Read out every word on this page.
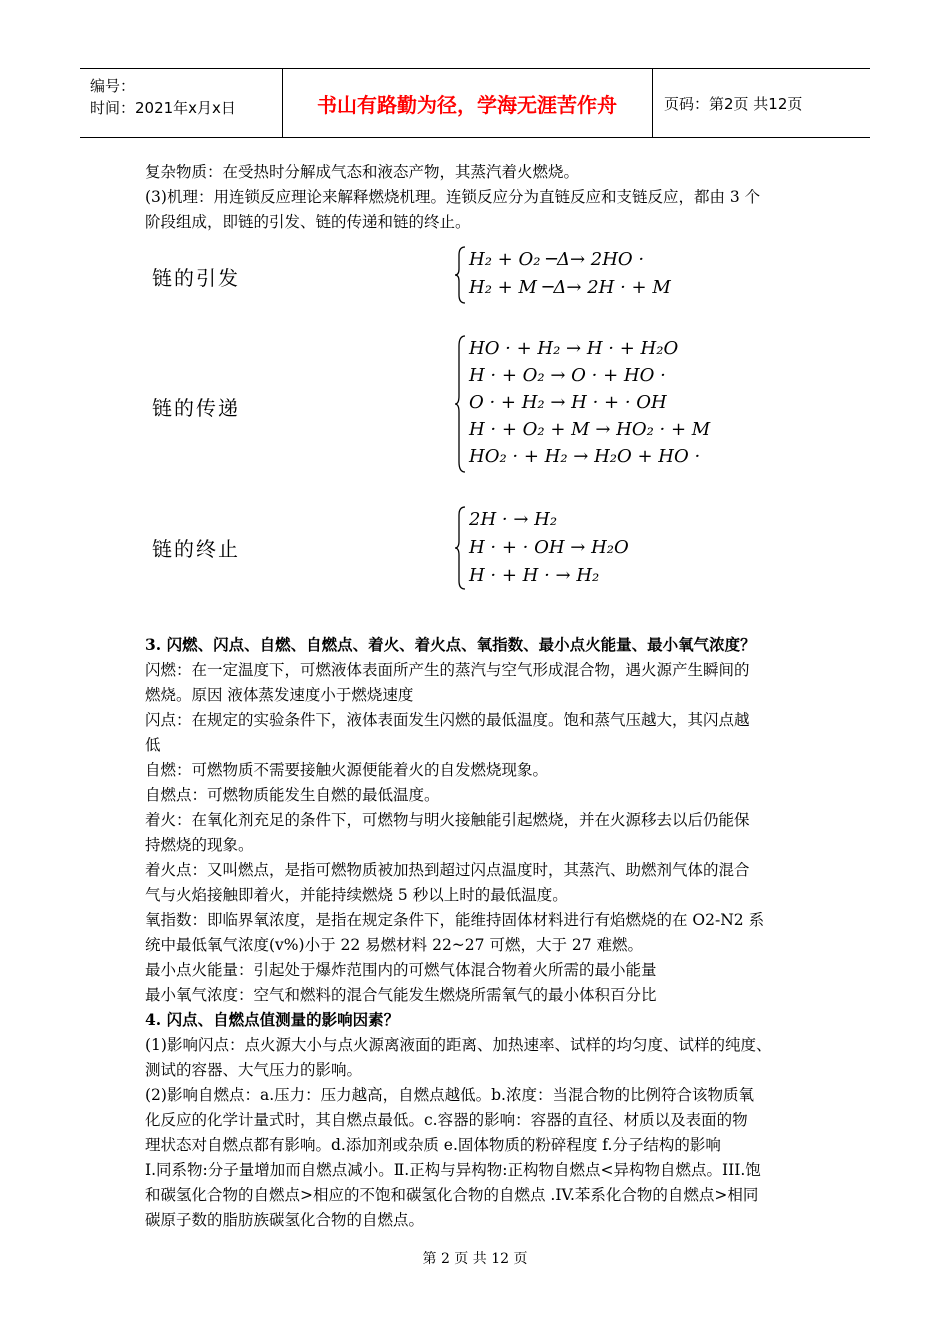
编号：
时间：2021年x月x日	书山有路勤为径，学海无涯苦作舟	页码：第2页 共12页
复杂物质：在受热时分解成气态和液态产物，其蒸汽着火燃烧。
(3)机理：用连锁反应理论来解释燃烧机理。连锁反应分为直链反应和支链反应，都由 3 个
阶段组成，即链的引发、链的传递和链的终止。
链的引发
H₂ + O₂ ─Δ→ 2HO ·
H₂ + M ─Δ→ 2H · + M
链的传递
HO · + H₂ → H · + H₂O
H · + O₂ → O · + HO ·
O · + H₂ → H · + · OH
H · + O₂ + M → HO₂ · + M
HO₂ · + H₂ → H₂O + HO ·
链的终止
2H · → H₂
H · + · OH → H₂O
H · + H · → H₂
3. 闪燃、闪点、自燃、自燃点、着火、着火点、氧指数、最小点火能量、最小氧气浓度？
闪燃：在一定温度下，可燃液体表面所产生的蒸汽与空气形成混合物，遇火源产生瞬间的
燃烧。原因 液体蒸发速度小于燃烧速度
闪点：在规定的实验条件下，液体表面发生闪燃的最低温度。饱和蒸气压越大，其闪点越
低
自燃：可燃物质不需要接触火源便能着火的自发燃烧现象。
自燃点：可燃物质能发生自燃的最低温度。
着火：在氧化剂充足的条件下，可燃物与明火接触能引起燃烧，并在火源移去以后仍能保
持燃烧的现象。
着火点：又叫燃点，是指可燃物质被加热到超过闪点温度时，其蒸汽、助燃剂气体的混合
气与火焰接触即着火，并能持续燃烧 5 秒以上时的最低温度。
氧指数：即临界氧浓度，是指在规定条件下，能维持固体材料进行有焰燃烧的在 O2-N2 系
统中最低氧气浓度(v%)小于 22 易燃材料 22~27 可燃，大于 27 难燃。
最小点火能量：引起处于爆炸范围内的可燃气体混合物着火所需的最小能量
最小氧气浓度：空气和燃料的混合气能发生燃烧所需氧气的最小体积百分比
4. 闪点、自燃点值测量的影响因素？
(1)影响闪点：点火源大小与点火源离液面的距离、加热速率、试样的均匀度、试样的纯度、
测试的容器、大气压力的影响。
(2)影响自燃点：a.压力：压力越高，自燃点越低。b.浓度：当混合物的比例符合该物质氧
化反应的化学计量式时，其自燃点最低。c.容器的影响：容器的直径、材质以及表面的物
理状态对自燃点都有影响。d.添加剂或杂质 e.固体物质的粉碎程度 f.分子结构的影响
I.同系物:分子量增加而自燃点减小。Ⅱ.正构与异构物:正构物自燃点<异构物自燃点。III.饱
和碳氢化合物的自燃点>相应的不饱和碳氢化合物的自燃点 .IV.苯系化合物的自燃点>相同
碳原子数的脂肪族碳氢化合物的自燃点。
第 2 页 共 12 页
